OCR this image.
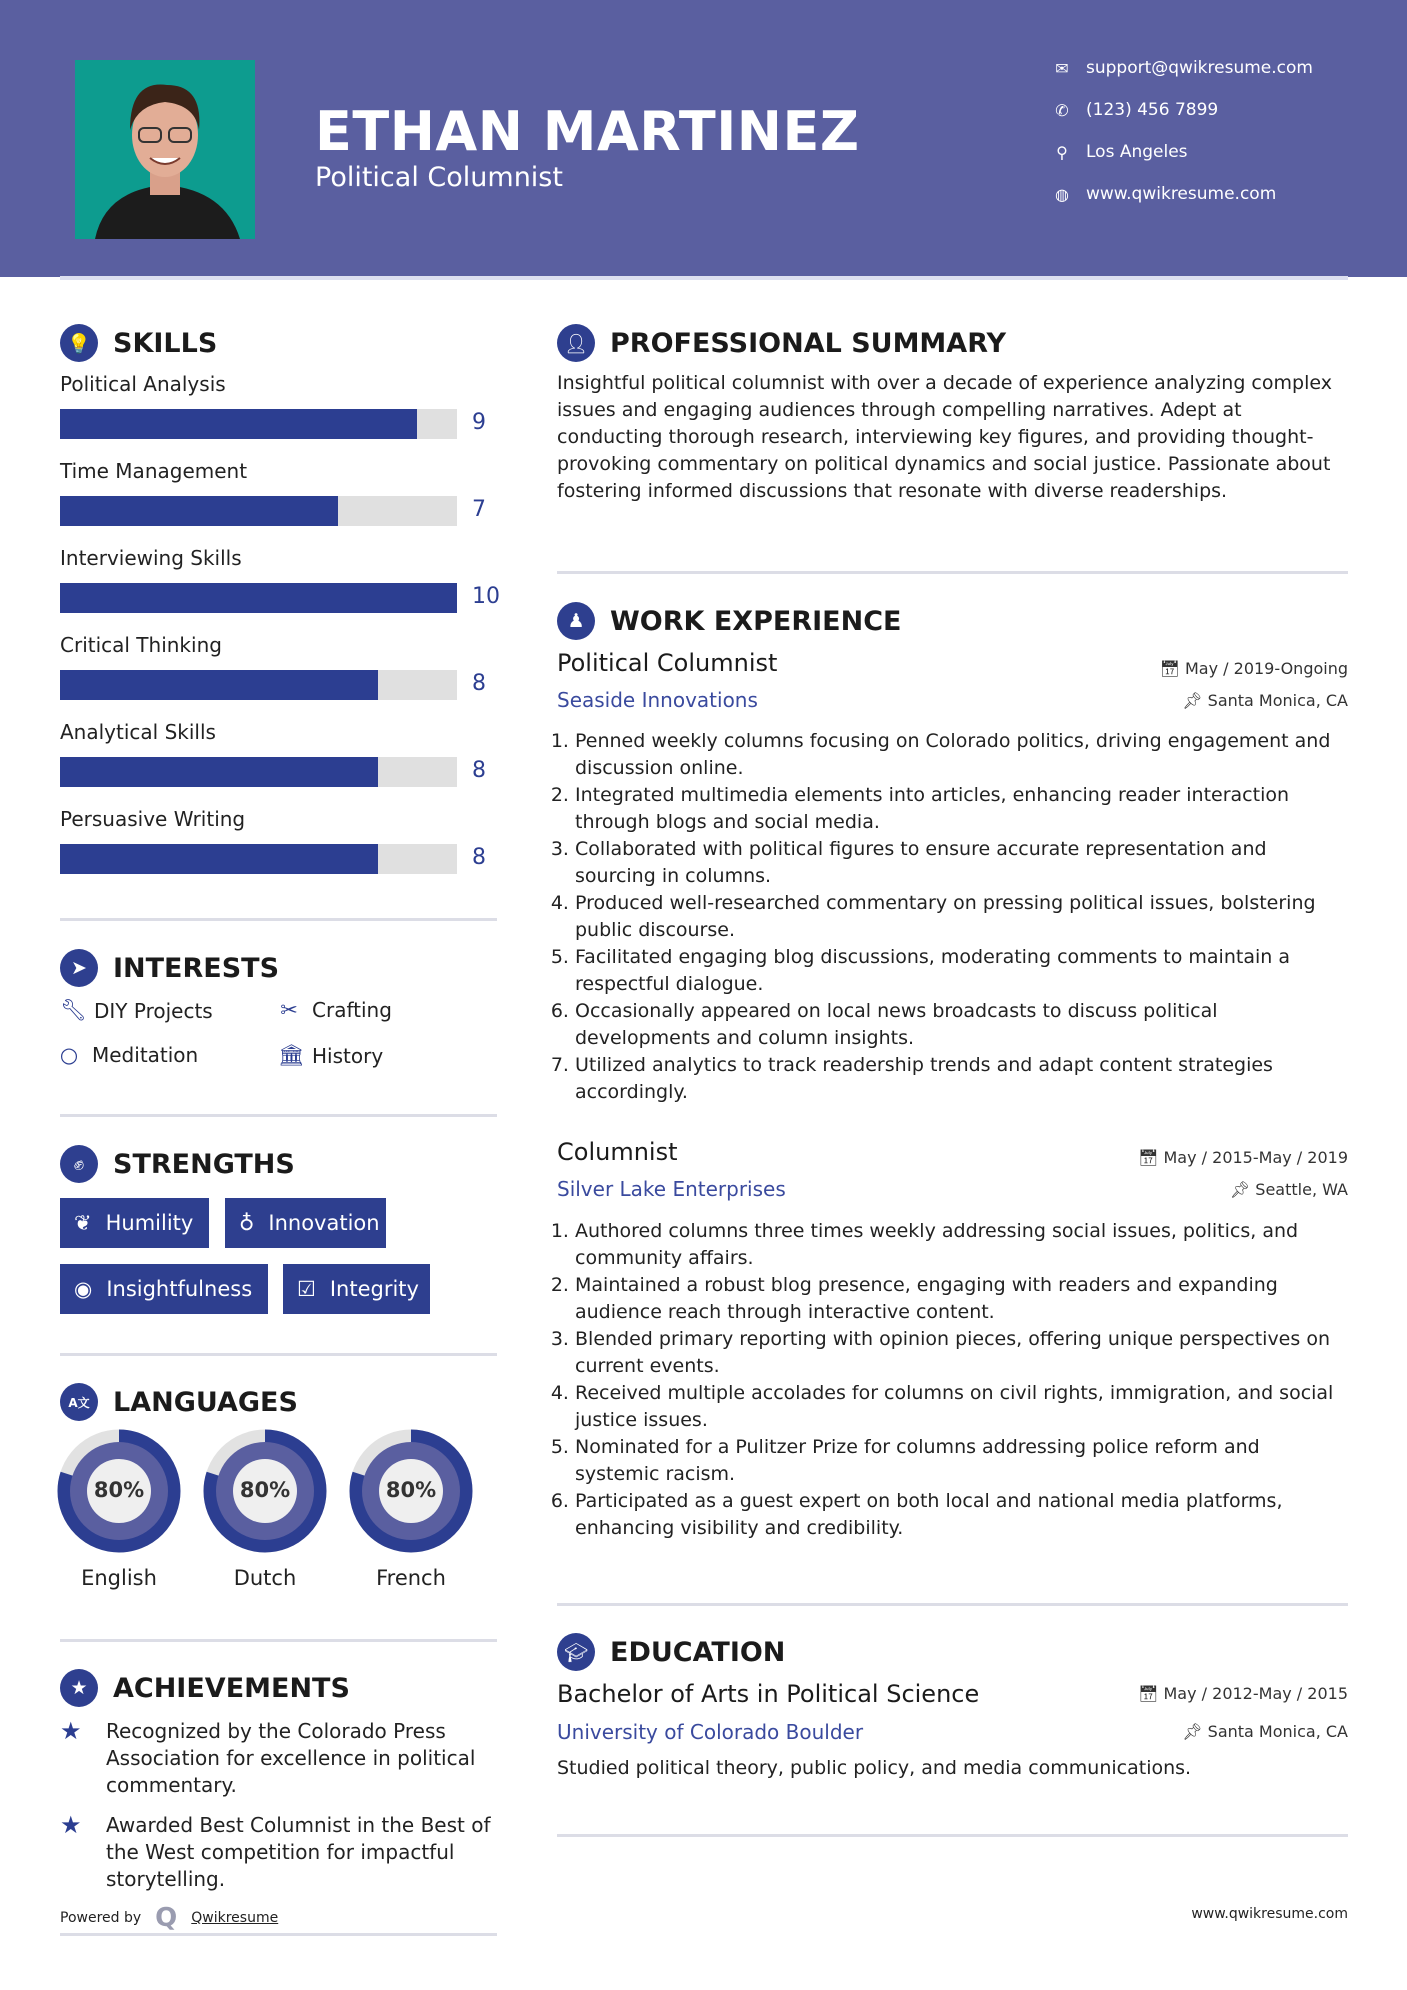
ETHAN MARTINEZ
Political Columnist
✉ support@qwikresume.com
✆ (123) 456 7899
⚲ Los Angeles
◍ www.qwikresume.com
💡 SKILLS
Political Analysis
9
Time Management
7
Interviewing Skills
10
Critical Thinking
8
Analytical Skills
8
Persuasive Writing
8
➤ INTERESTS
🔧︎ DIY Projects	✂ Crafting
○ Meditation	🏛︎ History
✊︎	STRENGTHS
❦ Humility ♁ Innovation
◉ Insightfulness ☑ Integrity
A文 LANGUAGES
80%
English
80%
Dutch
80%
French
★ ACHIEVEMENTS
★	Recognized by the Colorado Press Association for excellence in political commentary.
★	Awarded Best Columnist in the Best of the West competition for impactful storytelling.
Powered by Q Qwikresume	www.qwikresume.com
👤︎ PROFESSIONAL SUMMARY
Insightful political columnist with over a decade of experience analyzing complex issues and engaging audiences through compelling narratives. Adept at conducting thorough research, interviewing key figures, and providing thought-provoking commentary on political dynamics and social justice. Passionate about fostering informed discussions that resonate with diverse readerships.
♟ WORK EXPERIENCE
Political Columnist	📅︎ May / 2019-Ongoing
Seaside Innovations	📌︎ Santa Monica, CA
1. Penned weekly columns focusing on Colorado politics, driving engagement and discussion online.
2. Integrated multimedia elements into articles, enhancing reader interaction through blogs and social media.
3. Collaborated with political figures to ensure accurate representation and sourcing in columns.
4. Produced well-researched commentary on pressing political issues, bolstering public discourse.
5. Facilitated engaging blog discussions, moderating comments to maintain a respectful dialogue.
6. Occasionally appeared on local news broadcasts to discuss political developments and column insights.
7. Utilized analytics to track readership trends and adapt content strategies accordingly.
Columnist	📅︎ May / 2015-May / 2019
Silver Lake Enterprises	📌︎ Seattle, WA
1. Authored columns three times weekly addressing social issues, politics, and community affairs.
2. Maintained a robust blog presence, engaging with readers and expanding audience reach through interactive content.
3. Blended primary reporting with opinion pieces, offering unique perspectives on current events.
4. Received multiple accolades for columns on civil rights, immigration, and social justice issues.
5. Nominated for a Pulitzer Prize for columns addressing police reform and systemic racism.
6. Participated as a guest expert on both local and national media platforms, enhancing visibility and credibility.
🎓︎ EDUCATION
Bachelor of Arts in Political Science	📅︎ May / 2012-May / 2015
University of Colorado Boulder	📌︎ Santa Monica, CA
Studied political theory, public policy, and media communications.
